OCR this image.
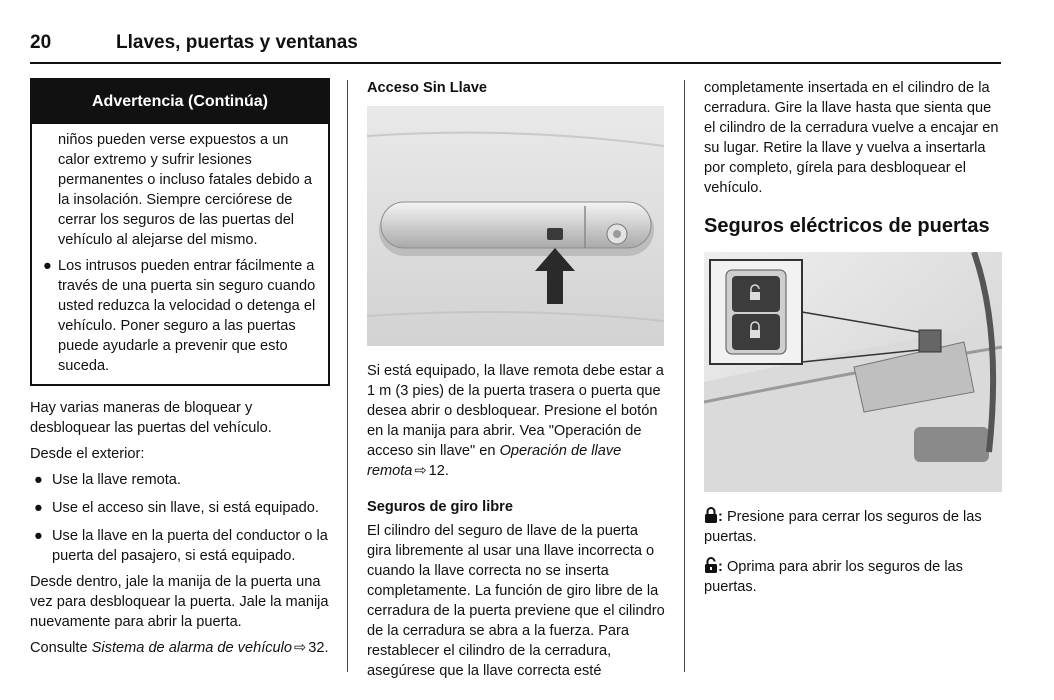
20	Llaves, puertas y ventanas
Advertencia (Continúa)

niños pueden verse expuestos a un calor extremo y sufrir lesiones permanentes o incluso fatales debido a la insolación. Siempre cerciórese de cerrar los seguros de las puertas del vehículo al alejarse del mismo.

● Los intrusos pueden entrar fácilmente a través de una puerta sin seguro cuando usted reduzca la velocidad o detenga el vehículo. Poner seguro a las puertas puede ayudarle a prevenir que esto suceda.

Hay varias maneras de bloquear y desbloquear las puertas del vehículo.

Desde el exterior:

● Use la llave remota.
● Use el acceso sin llave, si está equipado.
● Use la llave en la puerta del conductor o la puerta del pasajero, si está equipado.

Desde dentro, jale la manija de la puerta una vez para desbloquear la puerta. Jale la manija nuevamente para abrir la puerta.

Consulte Sistema de alarma de vehículo ⇨ 32.

Acceso Sin Llave

Si está equipado, la llave remota debe estar a 1 m (3 pies) de la puerta trasera o puerta que desea abrir o desbloquear. Presione el botón en la manija para abrir. Vea "Operación de acceso sin llave" en Operación de llave remota ⇨ 12.

Seguros de giro libre

El cilindro del seguro de llave de la puerta gira libremente al usar una llave incorrecta o cuando la llave correcta no se inserta completamente. La función de giro libre de la cerradura de la puerta previene que el cilindro de la cerradura se abra a la fuerza. Para restablecer el cilindro de la cerradura, asegúrese que la llave correcta esté

completamente insertada en el cilindro de la cerradura. Gire la llave hasta que sienta que el cilindro de la cerradura vuelve a encajar en su lugar. Retire la llave y vuelva a insertarla por completo, gírela para desbloquear el vehículo.

Seguros eléctricos de puertas

: Presione para cerrar los seguros de las puertas.

: Oprima para abrir los seguros de las puertas.
